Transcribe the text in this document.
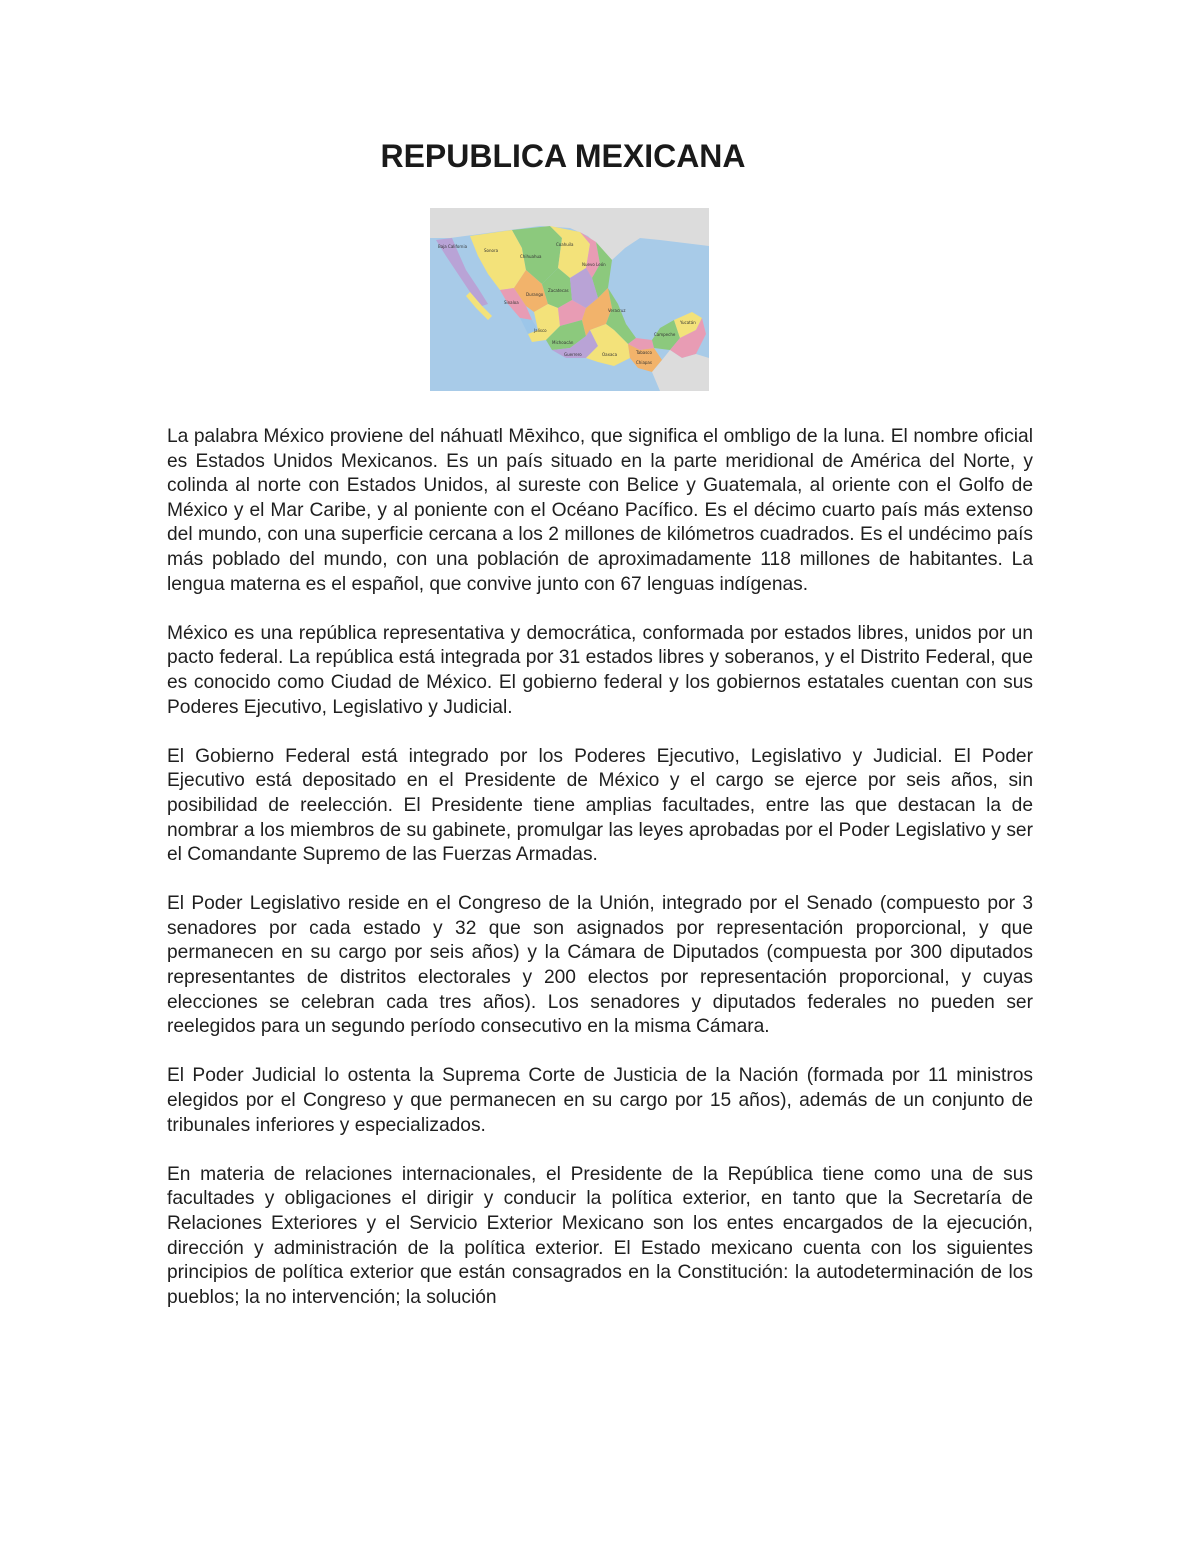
REPUBLICA MEXICANA
Baja California
Sonora
Chihuahua
Coahuila
Nuevo León
Sinaloa
Durango
Zacatecas
Jalisco
Michoacán
Guerrero	Oaxaca
Chiapas
Veracruz
Yucatán
Campeche
Tabasco

La palabra México proviene del náhuatl Mēxihco, que significa el ombligo de la luna. El nombre oficial es Estados Unidos Mexicanos. Es un país situado en la parte meridional de América del Norte, y colinda al norte con Estados Unidos, al sureste con Belice y Guatemala, al oriente con el Golfo de México y el Mar Caribe, y al poniente con el Océano Pacífico. Es el décimo cuarto país más extenso del mundo, con una superficie cercana a los 2 millones de kilómetros cuadrados. Es el undécimo país más poblado del mundo, con una población de aproximadamente 118 millones de habitantes. La lengua materna es el español, que convive junto con 67 lenguas indígenas.

México es una república representativa y democrática, conformada por estados libres, unidos por un pacto federal. La república está integrada por 31 estados libres y soberanos, y el Distrito Federal, que es conocido como Ciudad de México. El gobierno federal y los gobiernos estatales cuentan con sus Poderes Ejecutivo, Legislativo y Judicial.

El Gobierno Federal está integrado por los Poderes Ejecutivo, Legislativo y Judicial. El Poder Ejecutivo está depositado en el Presidente de México y el cargo se ejerce por seis años, sin posibilidad de reelección. El Presidente tiene amplias facultades, entre las que destacan la de nombrar a los miembros de su gabinete, promulgar las leyes aprobadas por el Poder Legislativo y ser el Comandante Supremo de las Fuerzas Armadas.

El Poder Legislativo reside en el Congreso de la Unión, integrado por el Senado (compuesto por 3 senadores por cada estado y 32 que son asignados por representación proporcional, y que permanecen en su cargo por seis años) y la Cámara de Diputados (compuesta por 300 diputados representantes de distritos electorales y 200 electos por representación proporcional, y cuyas elecciones se celebran cada tres años). Los senadores y diputados federales no pueden ser reelegidos para un segundo período consecutivo en la misma Cámara.

El Poder Judicial lo ostenta la Suprema Corte de Justicia de la Nación (formada por 11 ministros elegidos por el Congreso y que permanecen en su cargo por 15 años), además de un conjunto de tribunales inferiores y especializados.

En materia de relaciones internacionales, el Presidente de la República tiene como una de sus facultades y obligaciones el dirigir y conducir la política exterior, en tanto que la Secretaría de Relaciones Exteriores y el Servicio Exterior Mexicano son los entes encargados de la ejecución, dirección y administración de la política exterior. El Estado mexicano cuenta con los siguientes principios de política exterior que están consagrados en la Constitución: la autodeterminación de los pueblos; la no intervención; la solución
